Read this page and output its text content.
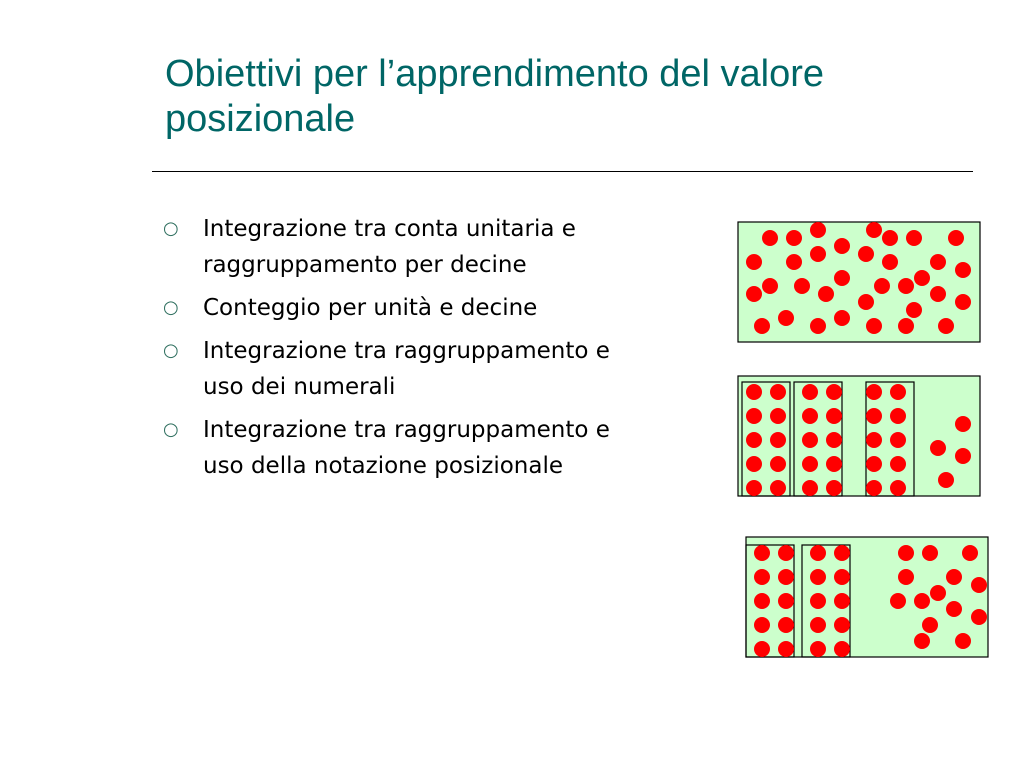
Obiettivi per l’apprendimento del valore posizionale
○ Integrazione tra conta unitaria e raggruppamento per decine
○ Conteggio per unità e decine
○ Integrazione tra raggruppamento e uso dei numerali
○ Integrazione tra raggruppamento e uso della notazione posizionale
